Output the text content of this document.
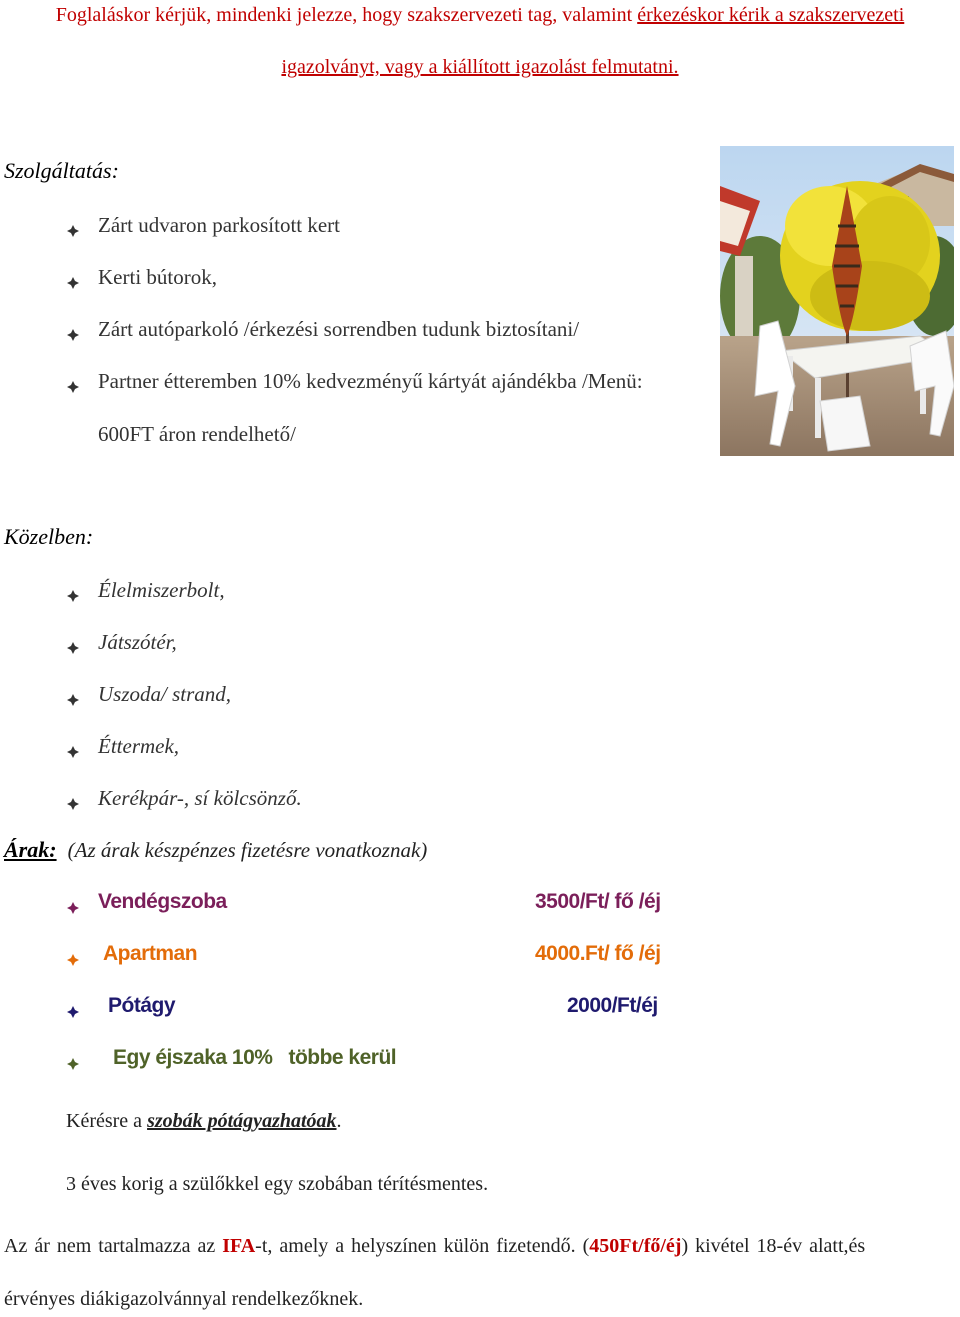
Foglaláskor kérjük, mindenki jelezze, hogy szakszervezeti tag, valamint érkezéskor kérik a szakszervezeti
igazolványt, vagy a kiállított igazolást felmutatni.
Szolgáltatás:
Zárt udvaron parkosított kert
Kerti bútorok,
Zárt autóparkoló /érkezési sorrendben tudunk biztosítani/
Partner étteremben 10% kedvezményű kártyát ajándékba /Menü:
600FT áron rendelhető/
Közelben:
Élelmiszerbolt,
Játszótér,
Uszoda/ strand,
Éttermek,
Kerékpár-, sí kölcsönző.
Árak: (Az árak készpénzes fizetésre vonatkoznak)
Vendégszoba	3500/Ft/ fő /éj
Apartman	4000.Ft/ fő /éj
Pótágy	2000/Ft/éj
Egy éjszaka 10%   többe kerül
Kérésre a szobák pótágyazhatóak.
3 éves korig a szülőkkel egy szobában térítésmentes.
Az ár nem tartalmazza az IFA-t, amely a helyszínen külön fizetendő. (450Ft/fő/éj) kivétel 18-év alatt,és
érvényes diákigazolvánnyal rendelkezőknek.
